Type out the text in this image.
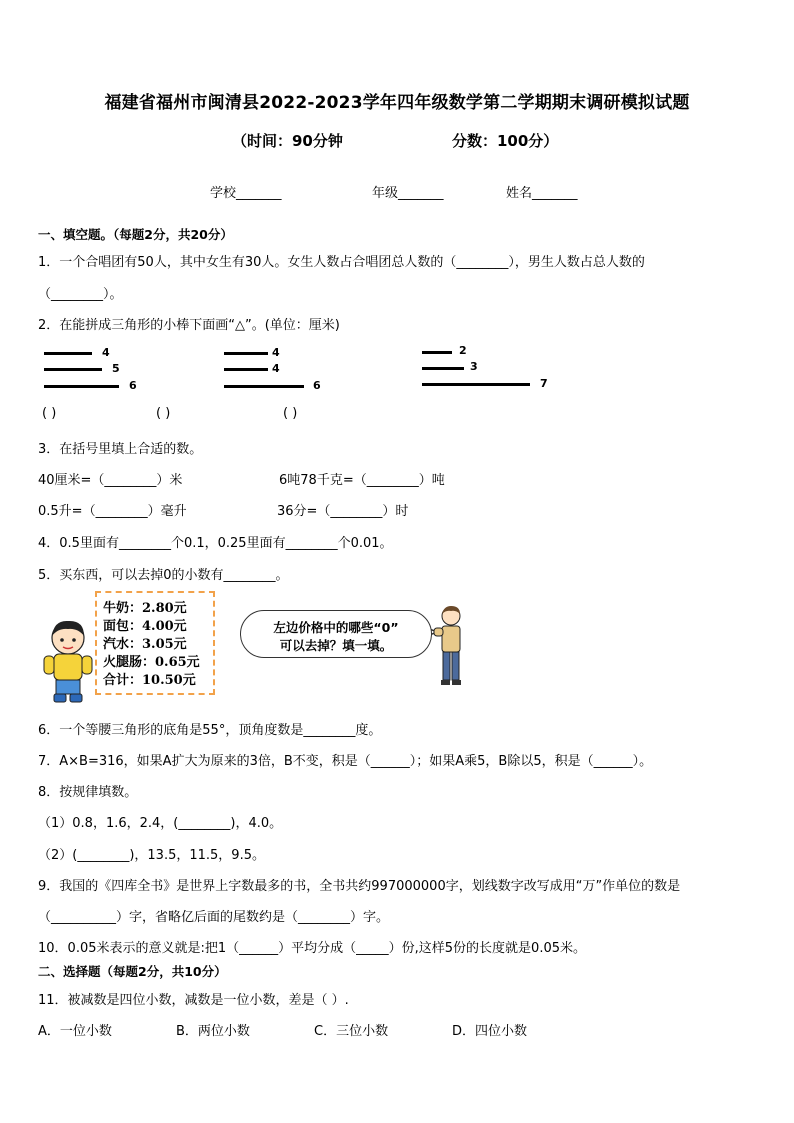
福建省福州市闽清县2022-2023学年四年级数学第二学期期末调研模拟试题
（时间：90分钟	分数：100分）
学校_______	年级_______	姓名_______
一、填空题。（每题2分，共20分）
1．一个合唱团有50人，其中女生有30人。女生人数占合唱团总人数的（________），男生人数占总人数的
（________）。
2．在能拼成三角形的小棒下面画“△”。(单位：厘米)
4
5
6
4
4
6
2
3
7
( )	( )	( )
3．在括号里填上合适的数。
40厘米=（________）米	6吨78千克=（________）吨
0.5升=（________）毫升	36分=（________）时
4．0.5里面有________个0.1，0.25里面有________个0.01。
5．买东西，可以去掉0的小数有________。
牛奶：2.80元
面包：4.00元
汽水：3.05元
火腿肠：0.65元
合计：10.50元
左边价格中的哪些“0”
可以去掉？填一填。
6．一个等腰三角形的底角是55°，顶角度数是________度。
7．A×B=316，如果A扩大为原来的3倍，B不变，积是（______）；如果A乘5，B除以5，积是（______）。
8．按规律填数。
（1）0.8，1.6，2.4，(________)，4.0。
（2）(________)，13.5，11.5，9.5。
9．我国的《四库全书》是世界上字数最多的书，全书共约997000000字，划线数字改写成用“万”作单位的数是
（__________）字，省略亿后面的尾数约是（________）字。
10．0.05米表示的意义就是:把1（______）平均分成（_____）份,这样5份的长度就是0.05米。
二、选择题（每题2分，共10分）
11．被减数是四位小数，减数是一位小数，差是（ ）.
A．一位小数	B．两位小数	C．三位小数	D．四位小数
